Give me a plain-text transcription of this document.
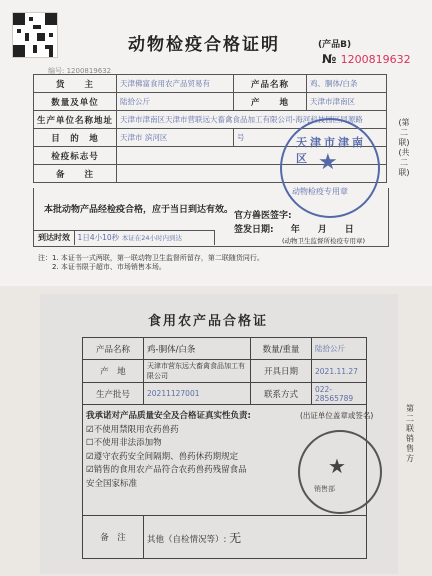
动物检疫合格证明	(产品B)
№ 1200819632
编号: 1200819632
货　　主	天津佛富食用农产品贸易有	产品名称	鸡、胴体/白条
数量及单位	陆拾公斤	产　　地	天津市津南区
生产单位名称地址	天津市津南区天津市营联远大畜禽食品加工有限公司-海河科技园区同源路		
目　的　地	天津市 滨河区	号	
检疫标志号			
备　　注			
本批动物产品经检疫合格，应于当日到达有效。
官方兽医签字:
签发日期: 年　　月　　日
(动物卫生监督所检疫专用章)
到达时效 1日4小10秒 本证在24小时内到达
天津市津南区 ★
动物检疫专用章
(第二联)(共二联)
注：1. 本证书一式两联，第一联动物卫生监督所留存，第二联随货同行。
2. 本证书限于超市、市场销售本场。
食用农产品合格证
产品名称	鸡-胴体/白条	数量/重量	陆拾公斤
产　地	天津市营东远大畜禽食品加工有限公司	开具日期	2021.11.27
生产批号	20211127001	联系方式	022-28565789

备　注	其他（自检情况等）: 无		
我承诺对产品质量安全及合格证真实性负责:
☑不使用禁限用农药兽药
☐不使用非法添加物
☑遵守农药安全间隔期、兽药休药期规定
☑销售的食用农产品符合农药兽药残留食品
安全国家标准
(出证单位盖章或签名)
★
销售部
第二联销售方
